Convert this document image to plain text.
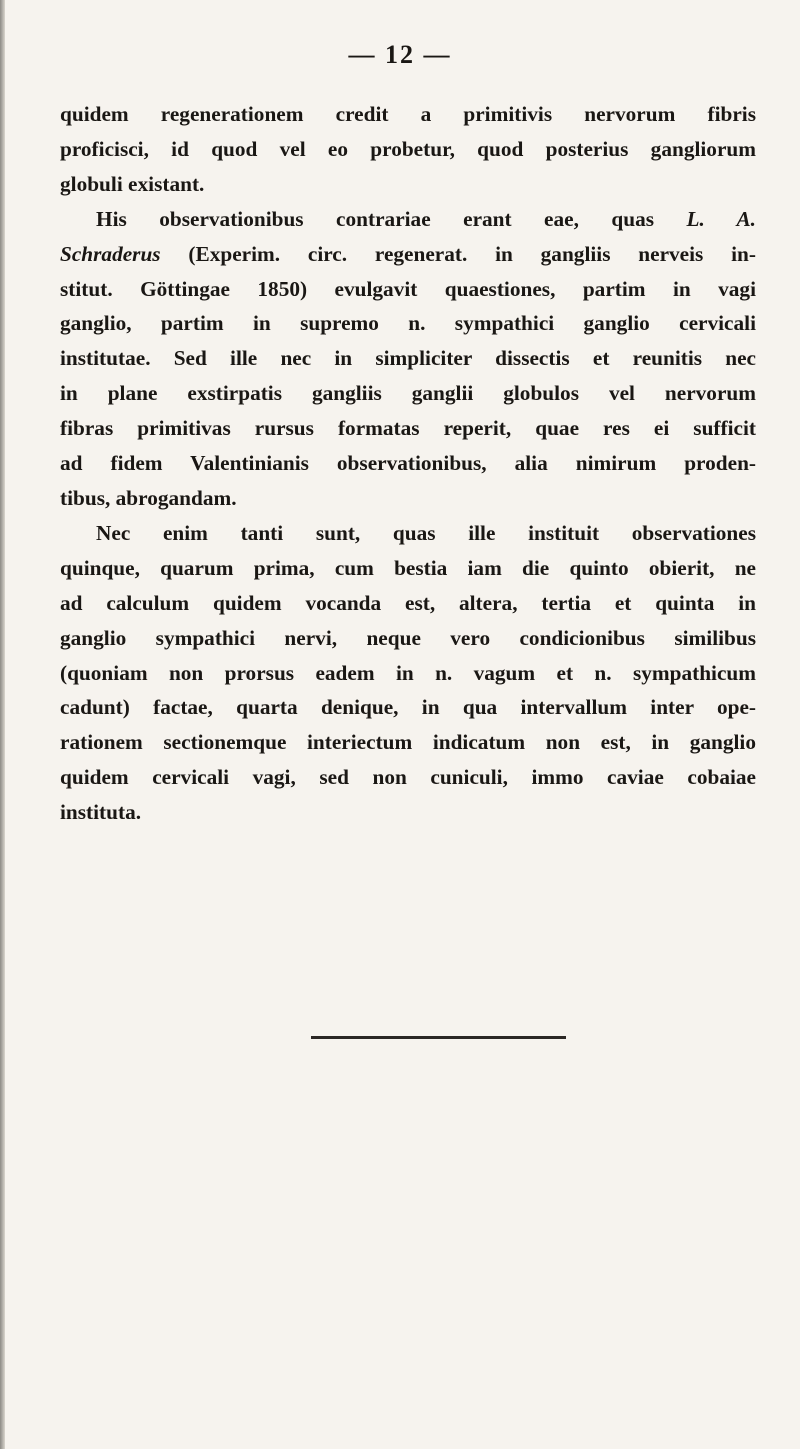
— 12 —
quidem regenerationem credit a primitivis nervorum fibris
proficisci, id quod vel eo probetur, quod posterius gangliorum
globuli existant.
His observationibus contrariae erant eae, quas L. A.
Schraderus (Experim. circ. regenerat. in gangliis nerveis in-
stitut. Göttingae 1850) evulgavit quaestiones, partim in vagi
ganglio, partim in supremo n. sympathici ganglio cervicali
institutae. Sed ille nec in simpliciter dissectis et reunitis nec
in plane exstirpatis gangliis ganglii globulos vel nervorum
fibras primitivas rursus formatas reperit, quae res ei sufficit
ad fidem Valentinianis observationibus, alia nimirum proden-
tibus, abrogandam.
Nec enim tanti sunt, quas ille instituit observationes
quinque, quarum prima, cum bestia iam die quinto obierit, ne
ad calculum quidem vocanda est, altera, tertia et quinta in
ganglio sympathici nervi, neque vero condicionibus similibus
(quoniam non prorsus eadem in n. vagum et n. sympathicum
cadunt) factae, quarta denique, in qua intervallum inter ope-
rationem sectionemque interiectum indicatum non est, in ganglio
quidem cervicali vagi, sed non cuniculi, immo caviae cobaiae
instituta.
